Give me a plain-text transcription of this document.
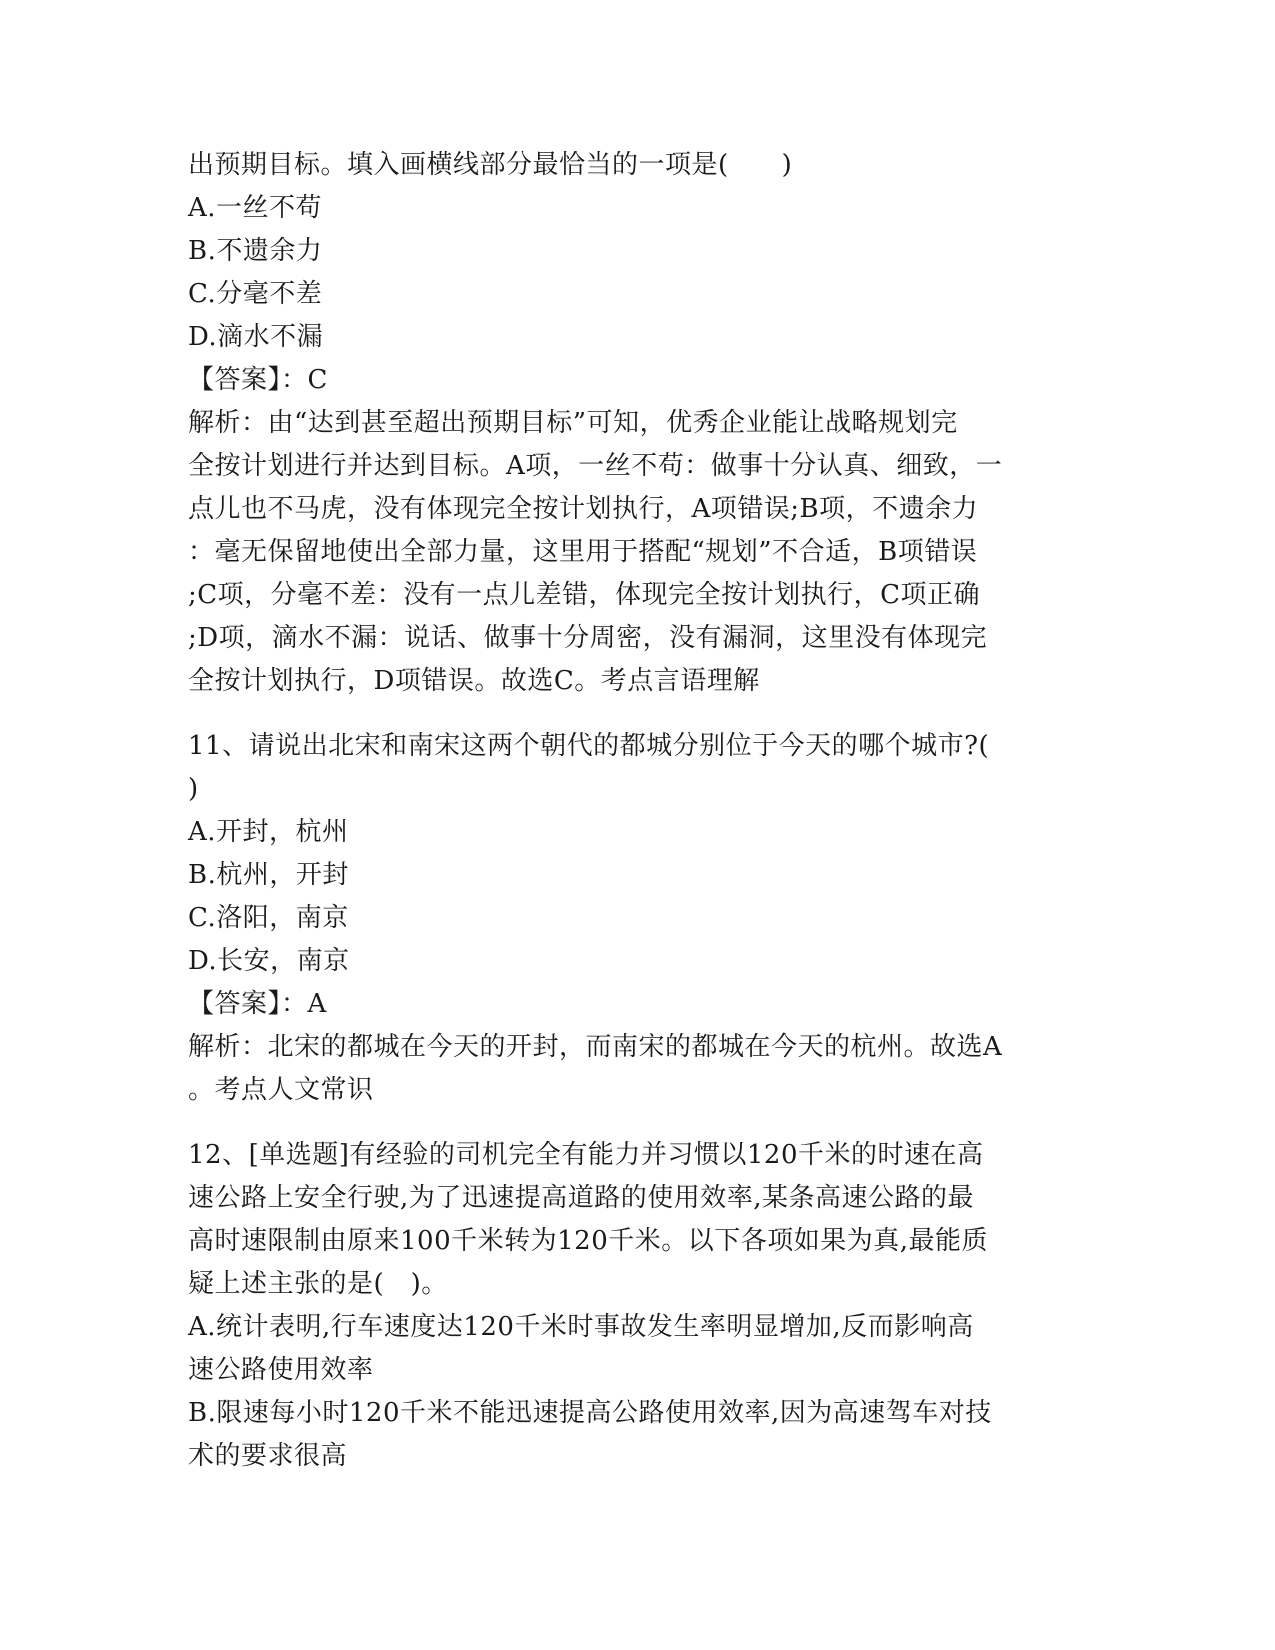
出预期目标。填入画横线部分最恰当的一项是(　　)

A.一丝不苟

B.不遗余力

C.分毫不差

D.滴水不漏

【答案】：C

解析：由“达到甚至超出预期目标”可知，优秀企业能让战略规划完

全按计划进行并达到目标。A项，一丝不苟：做事十分认真、细致，一

点儿也不马虎，没有体现完全按计划执行，A项错误;B项，不遗余力

：毫无保留地使出全部力量，这里用于搭配“规划”不合适，B项错误

;C项，分毫不差：没有一点儿差错，体现完全按计划执行，C项正确

;D项，滴水不漏：说话、做事十分周密，没有漏洞，这里没有体现完

全按计划执行，D项错误。故选C。考点言语理解

11、请说出北宋和南宋这两个朝代的都城分别位于今天的哪个城市?(

)

A.开封，杭州

B.杭州，开封

C.洛阳，南京

D.长安，南京

【答案】：A

解析：北宋的都城在今天的开封，而南宋的都城在今天的杭州。故选A

。考点人文常识

12、[单选题]有经验的司机完全有能力并习惯以120千米的时速在高

速公路上安全行驶,为了迅速提高道路的使用效率,某条高速公路的最

高时速限制由原来100千米转为120千米。以下各项如果为真,最能质

疑上述主张的是(　)。

A.统计表明,行车速度达120千米时事故发生率明显增加,反而影响高

速公路使用效率

B.限速每小时120千米不能迅速提高公路使用效率,因为高速驾车对技

术的要求很高
